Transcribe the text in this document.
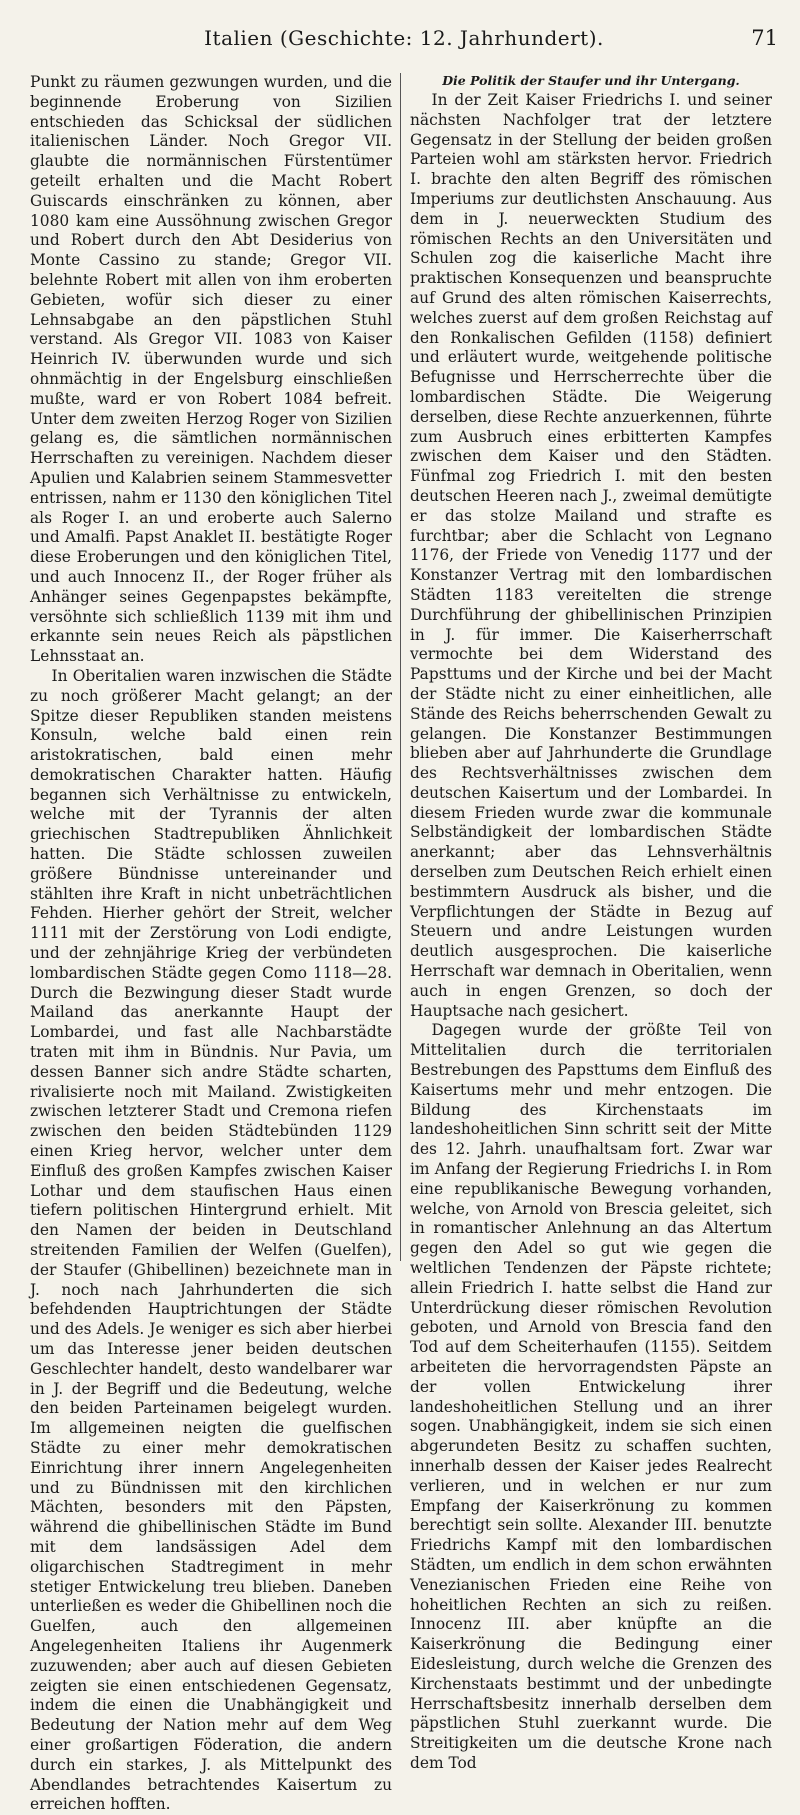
Italien (Geschichte: 12. Jahrhundert).	71

Punkt zu räumen gezwungen wurden, und die beginnende Eroberung von Sizilien entschieden das Schicksal der südlichen italienischen Länder. Noch Gregor VII. glaubte die normännischen Fürstentümer geteilt erhalten und die Macht Robert Guiscards einschränken zu können, aber 1080 kam eine Aussöhnung zwischen Gregor und Robert durch den Abt Desiderius von Monte Cassino zu stande; Gregor VII. belehnte Robert mit allen von ihm eroberten Gebieten, wofür sich dieser zu einer Lehnsabgabe an den päpstlichen Stuhl verstand. Als Gregor VII. 1083 von Kaiser Heinrich IV. überwunden wurde und sich ohnmächtig in der Engelsburg einschließen mußte, ward er von Robert 1084 befreit. Unter dem zweiten Herzog Roger von Sizilien gelang es, die sämtlichen normännischen Herrschaften zu vereinigen. Nachdem dieser Apulien und Kalabrien seinem Stammesvetter entrissen, nahm er 1130 den königlichen Titel als Roger I. an und eroberte auch Salerno und Amalfi. Papst Anaklet II. bestätigte Roger diese Eroberungen und den königlichen Titel, und auch Innocenz II., der Roger früher als Anhänger seines Gegenpapstes bekämpfte, versöhnte sich schließlich 1139 mit ihm und erkannte sein neues Reich als päpstlichen Lehnsstaat an.

In Oberitalien waren inzwischen die Städte zu noch größerer Macht gelangt; an der Spitze dieser Republiken standen meistens Konsuln, welche bald einen rein aristokratischen, bald einen mehr demokratischen Charakter hatten. Häufig begannen sich Verhältnisse zu entwickeln, welche mit der Tyrannis der alten griechischen Stadtrepubliken Ähnlichkeit hatten. Die Städte schlossen zuweilen größere Bündnisse untereinander und stählten ihre Kraft in nicht unbeträchtlichen Fehden. Hierher gehört der Streit, welcher 1111 mit der Zerstörung von Lodi endigte, und der zehnjährige Krieg der verbündeten lombardischen Städte gegen Como 1118—28. Durch die Bezwingung dieser Stadt wurde Mailand das anerkannte Haupt der Lombardei, und fast alle Nachbarstädte traten mit ihm in Bündnis. Nur Pavia, um dessen Banner sich andre Städte scharten, rivalisierte noch mit Mailand. Zwistigkeiten zwischen letzterer Stadt und Cremona riefen zwischen den beiden Städtebünden 1129 einen Krieg hervor, welcher unter dem Einfluß des großen Kampfes zwischen Kaiser Lothar und dem staufischen Haus einen tiefern politischen Hintergrund erhielt. Mit den Namen der beiden in Deutschland streitenden Familien der Welfen (Guelfen), der Staufer (Ghibellinen) bezeichnete man in J. noch nach Jahrhunderten die sich befehdenden Hauptrichtungen der Städte und des Adels. Je weniger es sich aber hierbei um das Interesse jener beiden deutschen Geschlechter handelt, desto wandelbarer war in J. der Begriff und die Bedeutung, welche den beiden Parteinamen beigelegt wurden. Im allgemeinen neigten die guelfischen Städte zu einer mehr demokratischen Einrichtung ihrer innern Angelegenheiten und zu Bündnissen mit den kirchlichen Mächten, besonders mit den Päpsten, während die ghibellinischen Städte im Bund mit dem landsässigen Adel dem oligarchischen Stadtregiment in mehr stetiger Entwickelung treu blieben. Daneben unterließen es weder die Ghibellinen noch die Guelfen, auch den allgemeinen Angelegenheiten Italiens ihr Augenmerk zuzuwenden; aber auch auf diesen Gebieten zeigten sie einen entschiedenen Gegensatz, indem die einen die Unabhängigkeit und Bedeutung der Nation mehr auf dem Weg einer großartigen Föderation, die andern durch ein starkes, J. als Mittelpunkt des Abendlandes betrachtendes Kaisertum zu erreichen hofften.

Die Politik der Staufer und ihr Untergang.

In der Zeit Kaiser Friedrichs I. und seiner nächsten Nachfolger trat der letztere Gegensatz in der Stellung der beiden großen Parteien wohl am stärksten hervor. Friedrich I. brachte den alten Begriff des römischen Imperiums zur deutlichsten Anschauung. Aus dem in J. neuerweckten Studium des römischen Rechts an den Universitäten und Schulen zog die kaiserliche Macht ihre praktischen Konsequenzen und beanspruchte auf Grund des alten römischen Kaiserrechts, welches zuerst auf dem großen Reichstag auf den Ronkalischen Gefilden (1158) definiert und erläutert wurde, weitgehende politische Befugnisse und Herrscherrechte über die lombardischen Städte. Die Weigerung derselben, diese Rechte anzuerkennen, führte zum Ausbruch eines erbitterten Kampfes zwischen dem Kaiser und den Städten. Fünfmal zog Friedrich I. mit den besten deutschen Heeren nach J., zweimal demütigte er das stolze Mailand und strafte es furchtbar; aber die Schlacht von Legnano 1176, der Friede von Venedig 1177 und der Konstanzer Vertrag mit den lombardischen Städten 1183 vereitelten die strenge Durchführung der ghibellinischen Prinzipien in J. für immer. Die Kaiserherrschaft vermochte bei dem Widerstand des Papsttums und der Kirche und bei der Macht der Städte nicht zu einer einheitlichen, alle Stände des Reichs beherrschenden Gewalt zu gelangen. Die Konstanzer Bestimmungen blieben aber auf Jahrhunderte die Grundlage des Rechtsverhältnisses zwischen dem deutschen Kaisertum und der Lombardei. In diesem Frieden wurde zwar die kommunale Selbständigkeit der lombardischen Städte anerkannt; aber das Lehnsverhältnis derselben zum Deutschen Reich erhielt einen bestimmtern Ausdruck als bisher, und die Verpflichtungen der Städte in Bezug auf Steuern und andre Leistungen wurden deutlich ausgesprochen. Die kaiserliche Herrschaft war demnach in Oberitalien, wenn auch in engen Grenzen, so doch der Hauptsache nach gesichert.

Dagegen wurde der größte Teil von Mittelitalien durch die territorialen Bestrebungen des Papsttums dem Einfluß des Kaisertums mehr und mehr entzogen. Die Bildung des Kirchenstaats im landeshoheitlichen Sinn schritt seit der Mitte des 12. Jahrh. unaufhaltsam fort. Zwar war im Anfang der Regierung Friedrichs I. in Rom eine republikanische Bewegung vorhanden, welche, von Arnold von Brescia geleitet, sich in romantischer Anlehnung an das Altertum gegen den Adel so gut wie gegen die weltlichen Tendenzen der Päpste richtete; allein Friedrich I. hatte selbst die Hand zur Unterdrückung dieser römischen Revolution geboten, und Arnold von Brescia fand den Tod auf dem Scheiterhaufen (1155). Seitdem arbeiteten die hervorragendsten Päpste an der vollen Entwickelung ihrer landeshoheitlichen Stellung und an ihrer sogen. Unabhängigkeit, indem sie sich einen abgerundeten Besitz zu schaffen suchten, innerhalb dessen der Kaiser jedes Realrecht verlieren, und in welchen er nur zum Empfang der Kaiserkrönung zu kommen berechtigt sein sollte. Alexander III. benutzte Friedrichs Kampf mit den lombardischen Städten, um endlich in dem schon erwähnten Venezianischen Frieden eine Reihe von hoheitlichen Rechten an sich zu reißen. Innocenz III. aber knüpfte an die Kaiserkrönung die Bedingung einer Eidesleistung, durch welche die Grenzen des Kirchenstaats bestimmt und der unbedingte Herrschaftsbesitz innerhalb derselben dem päpstlichen Stuhl zuerkannt wurde. Die Streitigkeiten um die deutsche Krone nach dem Tod
